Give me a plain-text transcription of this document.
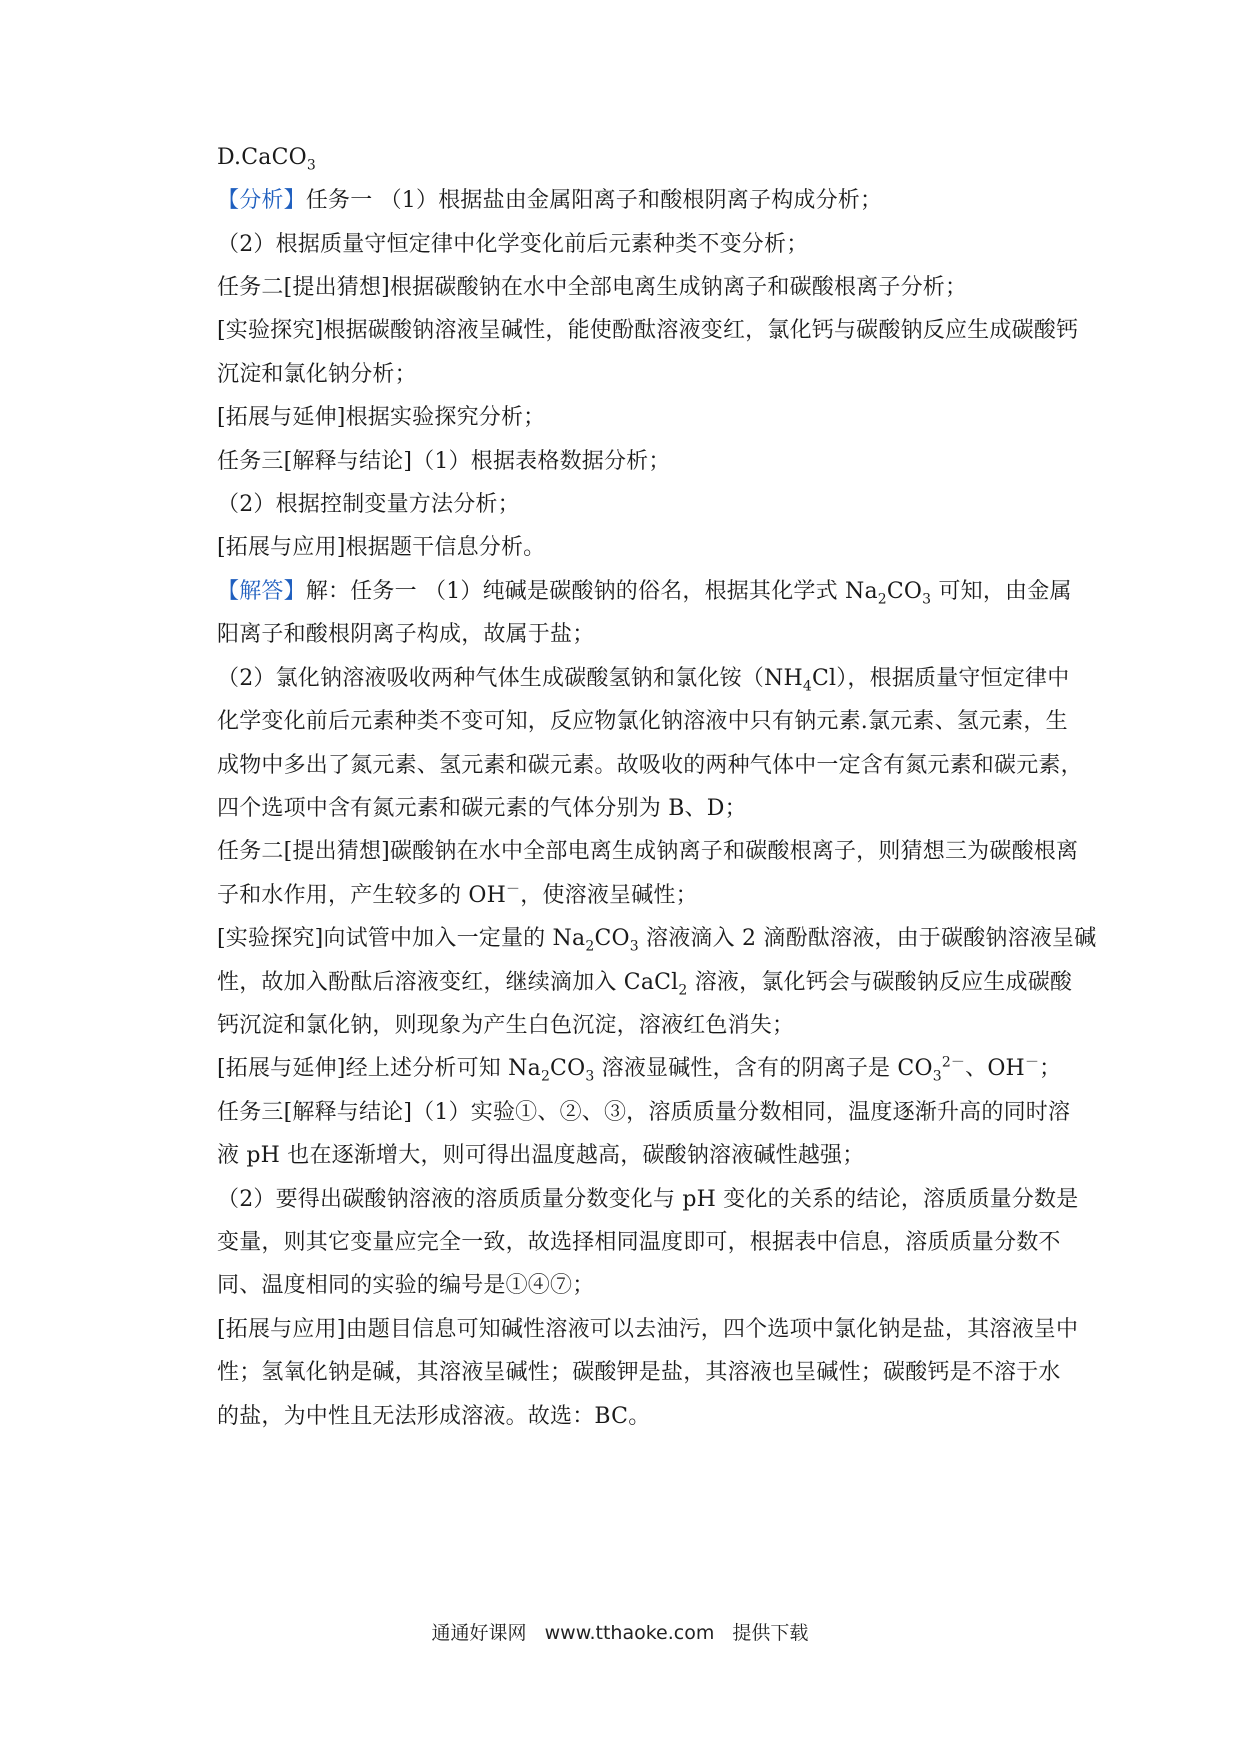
D.CaCO$_3$
【分析】任务一 （1）根据盐由金属阳离子和酸根阴离子构成分析；
（2）根据质量守恒定律中化学变化前后元素种类不变分析；
任务二[提出猜想]根据碳酸钠在水中全部电离生成钠离子和碳酸根离子分析；
[实验探究]根据碳酸钠溶液呈碱性，能使酚酞溶液变红，氯化钙与碳酸钠反应生成碳酸钙
沉淀和氯化钠分析；
[拓展与延伸]根据实验探究分析；
任务三[解释与结论]（1）根据表格数据分析；
（2）根据控制变量方法分析；
[拓展与应用]根据题干信息分析。
【解答】解：任务一 （1）纯碱是碳酸钠的俗名，根据其化学式 $Na_2CO_3$ 可知，由金属
阳离子和酸根阴离子构成，故属于盐；
（2）氯化钠溶液吸收两种气体生成碳酸氢钠和氯化铵$(NH_4Cl)$，根据质量守恒定律中
化学变化前后元素种类不变可知，反应物氯化钠溶液中只有钠元素.氯元素、氢元素，生
成物中多出了氮元素、氢元素和碳元素。故吸收的两种气体中一定含有氮元素和碳元素，
四个选项中含有氮元素和碳元素的气体分别为 B、D；
任务二[提出猜想]碳酸钠在水中全部电离生成钠离子和碳酸根离子，则猜想三为碳酸根离
子和水作用，产生较多的 OH－，使溶液呈碱性；
[实验探究]向试管中加入一定量的 $Na_2CO_3$ 溶液滴入 2 滴酚酞溶液，由于碳酸钠溶液呈碱
性，故加入酚酞后溶液变红，继续滴加入 CaCl$_2$ 溶液，氯化钙会与碳酸钠反应生成碳酸
钙沉淀和氯化钠，则现象为产生白色沉淀，溶液红色消失；
[拓展与延伸]经上述分析可知 $Na_2CO_3$ 溶液显碱性，含有的阴离子是 $CO_3^{2-}$、OH－；
任务三[解释与结论]（1）实验①、②、③，溶质质量分数相同，温度逐渐升高的同时溶
液 pH 也在逐渐增大，则可得出温度越高，碳酸钠溶液碱性越强；
（2）要得出碳酸钠溶液的溶质质量分数变化与 pH 变化的关系的结论，溶质质量分数是
变量，则其它变量应完全一致，故选择相同温度即可，根据表中信息，溶质质量分数不
同、温度相同的实验的编号是①④⑦；
[拓展与应用]由题目信息可知碱性溶液可以去油污，四个选项中氯化钠是盐，其溶液呈中
性；氢氧化钠是碱，其溶液呈碱性；碳酸钾是盐，其溶液也呈碱性；碳酸钙是不溶于水
的盐，为中性且无法形成溶液。故选：BC。
通通好课网 www.tthaoke.com 提供下载
